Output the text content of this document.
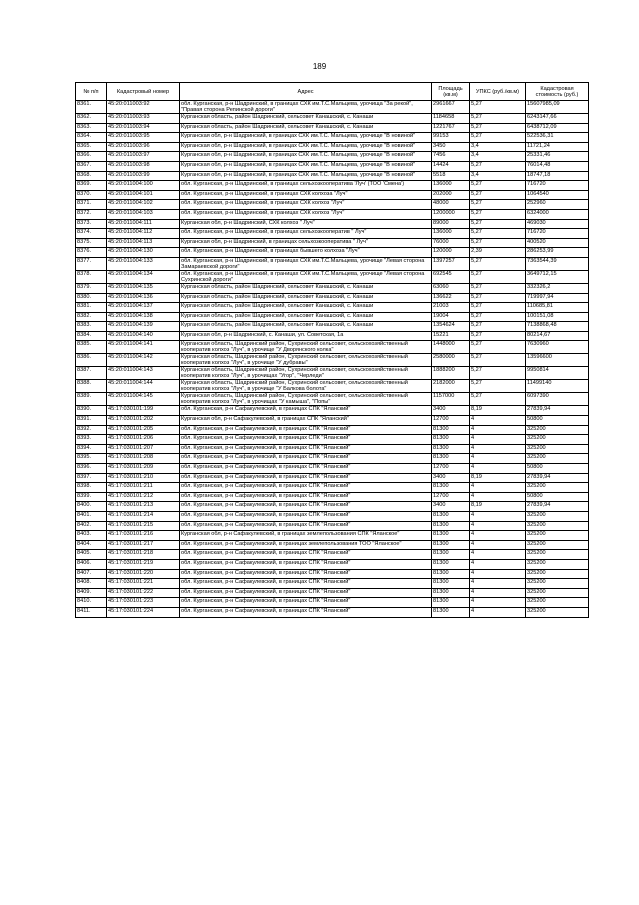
189
№ п/п	Кадастровый номер	Адрес	Площадь (кв.м)	УПКС (руб./кв.м)	Кадастровая стоимость (руб.)
8361.	45:20:011003:92	обл. Курганская, р-н Шадринский, в границах СХК им.Т.С.Мальцева, урочища "За рекой", "Правая сторона Репинской дороги"	2961667	5,27	15607985,09
8362.	45:20:011003:93	Курганская область, район Шадринский, сельсовет Канашский, с. Канаши	1184658	5,27	6243147,66
8363.	45:20:011003:94	Курганская область, район Шадринский, сельсовет Канашский, с. Канаши	1221767	5,27	6438712,09
8364.	45:20:011003:95	Курганская обл, р-н Шадринский, в границах СХК им.Т.С. Мальцева, урочище "В новиной"	99153	5,27	522536,31
8365.	45:20:011003:96	Курганская обл, р-н Шадринский, в границах СХК им.Т.С. Мальцева, урочище "В новиной"	3450	3,4	11721,24
8366.	45:20:011003:97	Курганская обл, р-н Шадринский, в границах СХК им.Т.С. Мальцева, урочище "В новиной"	7456	3,4	25331,46
8367.	45:20:011003:98	Курганская обл, р-н Шадринский, в границах СХК им.Т.С. Мальцева, урочище "В новиной"	14424	5,27	76014,48
8368.	45:20:011003:99	Курганская обл, р-н Шадринский, в границах СХК им.Т.С. Мальцева, урочище "В новиной"	5518	3,4	18747,18
8369.	45:20:011004:100	обл. Курганская, р-н Шадринский, в границах сельхозкооператива 'Луч' (ТОО 'Смена')	136000	5,27	716720
8370.	45:20:011004:101	обл. Курганская, р-н Шадринский, в границах СХК колхоза "Луч"	202000	5,27	1064540
8371.	45:20:011004:102	обл. Курганская, р-н Шадринский, в границах СХК колхоз "Луч"	48000	5,27	252960
8372.	45:20:011004:103	обл. Курганская, р-н Шадринский, в границах СХК колхоз "Луч"	1200000	5,27	6324000
8373.	45:20:011004:111	Курганская обл, р-н Шадринский, СХК колхоз " Луч"	89000	5,27	469030
8374.	45:20:011004:112	обл. Курганская, р-н Шадринский, в границах сельхозкооператив " Луч"	136000	5,27	716720
8375.	45:20:011004:113	Курганская обл, р-н Шадринский, в границах сельхозкооператива " Луч"	76000	5,27	400520
8376.	45:20:011004:130	обл. Курганская, р-н Шадринский, в границах бывшего колхоза "Луч"	120000	2,39	286253,99
8377.	45:20:011004:133	обл. Курганская, р-н Шадринский, в границах СХК им.Т.С.Мальцева, урочище "Левая сторона Замараевской дороги"	1397257	5,27	7363544,39
8378.	45:20:011004:134	обл. Курганская, р-н Шадринский, в границах СХК им.Т.С.Мальцева, урочище "Левая сторона Сухринской дороги"	692545	5,27	3649712,15
8379.	45:20:011004:135	Курганская область, район Шадринский, сельсовет Канашский, с. Канаши	63060	5,27	332326,2
8380.	45:20:011004:136	Курганская область, район Шадринский, сельсовет Канашский, с. Канаши	136622	5,27	719997,94
8381.	45:20:011004:137	Курганская область, район Шадринский, сельсовет Канашский, с. Канаши	21003	5,27	110685,81
8382.	45:20:011004:138	Курганская область, район Шадринский, сельсовет Канашский, с. Канаши	19004	5,27	100151,08
8383.	45:20:011004:139	Курганская область, район Шадринский, сельсовет Канашский, с. Канаши	1354624	5,27	7138868,48
8384.	45:20:011004:140	Курганская обл, р-н Шадринский, с. Канаши, ул. Советская, 1а	15221	5,27	80214,67
8385.	45:20:011004:141	Курганская область, Шадринский район, Сухринский сельсовет, сельскохозяйственный кооператив колхоз "Луч", в урочище "У Дворянского колка"	1448000	5,27	7630960
8386.	45:20:011004:142	Курганская область, Шадринский район, Сухринский сельсовет, сельскохозяйственный кооператив колхоз "Луч", в урочище "У дубравы"	2580000	5,27	13596600
8387.	45:20:011004:143	Курганская область, Шадринский район, Сухринский сельсовет, сельскохозяйственный кооператив колхоз "Луч", в урочищах "Угор", "Черледи"	1888200	5,27	9950814
8388.	45:20:011004:144	Курганская область, Шадринский район, Сухринский сельсовет, сельскохозяйственный кооператив колхоз "Луч", в урочище "У Балкова болота"	2182000	5,27	11499140
8389.	45:20:011004:145	Курганская область, Шадринский район, Сухринский сельсовет, сельскохозяйственный кооператив колхоз "Луч", в урочищах "У камыша", "Попы"	1157000	5,27	6097390
8390.	45:17:030101:199	обл. Курганская, р-н Сафакулевский, в границах СПК "Яланский"	3400	8,19	27839,94
8391.	45:17:030101:202	Курганская обл, р-н Сафакулевский, в границах СПК "Яланский"	12700	4	50800
8392.	45:17:030101:205	обл. Курганская, р-н Сафакулевский, в границах СПК "Яланский"	81300	4	325200
8393.	45:17:030101:206	обл. Курганская, р-н Сафакулевский, в границах СПК "Яланский"	81300	4	325200
8394.	45:17:030101:207	обл. Курганская, р-н Сафакулевский, в границах СПК "Яланский"	81300	4	325200
8395.	45:17:030101:208	обл. Курганская, р-н Сафакулевский, в границах СПК "Яланский"	81300	4	325200
8396.	45:17:030101:209	обл. Курганская, р-н Сафакулевский, в границах СПК "Яланский"	12700	4	50800
8397.	45:17:030101:210	обл. Курганская, р-н Сафакулевский, в границах СПК "Яланский"	3400	8,19	27839,94
8398.	45:17:030101:211	обл. Курганская, р-н Сафакулевский, в границах СПК "Яланский"	81300	4	325200
8399.	45:17:030101:212	обл. Курганская, р-н Сафакулевский, в границах СПК "Яланский"	12700	4	50800
8400.	45:17:030101:213	обл. Курганская, р-н Сафакулевский, в границах СПК "Яланский"	3400	8,19	27839,94
8401.	45:17:030101:214	обл. Курганская, р-н Сафакулевский, в границах СПК "Яланский"	81300	4	325200
8402.	45:17:030101:215	обл. Курганская, р-н Сафакулевский, в границах СПК "Яланский"	81300	4	325200
8403.	45:17:030101:216	Курганская обл, р-н Сафакулевский, в границах землепользования СПК "Яланское"	81300	4	325200
8404.	45:17:030101:217	обл. Курганская, р-н Сафакулевский, в границах землепользования ТОО "Яланское"	81300	4	325200
8405.	45:17:030101:218	обл. Курганская, р-н Сафакулевский, в границах СПК "Яланский"	81300	4	325200
8406.	45:17:030101:219	обл. Курганская, р-н Сафакулевский, в границах СПК "Яланский"	81300	4	325200
8407.	45:17:030101:220	обл. Курганская, р-н Сафакулевский, в границах СПК "Яланский"	81300	4	325200
8408.	45:17:030101:221	обл. Курганская, р-н Сафакулевский, в границах СПК "Яланский"	81300	4	325200
8409.	45:17:030101:222	обл. Курганская, р-н Сафакулевский, в границах СПК "Яланский"	81300	4	325200
8410.	45:17:030101:223	обл. Курганская, р-н Сафакулевский, в границах СПК "Яланский"	81300	4	325200
8411.	45:17:030101:224	обл. Курганская, р-н Сафакулевский, в границах СПК "Яланский"	81300	4	325200
